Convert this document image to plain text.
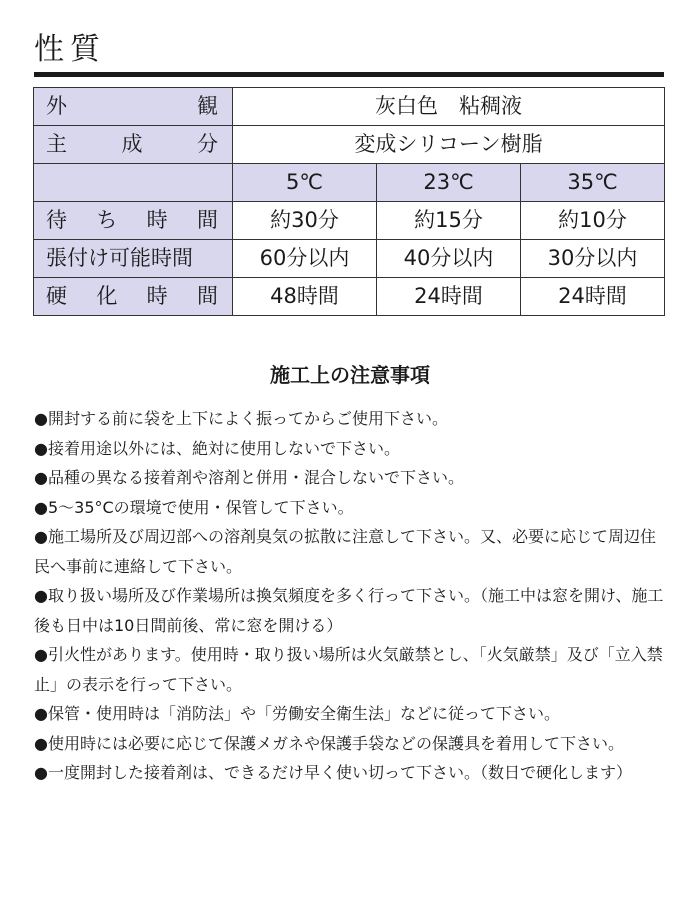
性質
外 観	灰白色　粘稠液		

主 成 分	変成シリコーン樹脂		
	5℃	23℃	35℃

待 ち 時 間	約30分	約15分	約10分

張付け可能時間	60分以内	40分以内	30分以内

硬 化 時 間	48時間	24時間	24時間
施工上の注意事項
●開封する前に袋を上下によく振ってからご使用下さい。
●接着用途以外には、絶対に使用しないで下さい。
●品種の異なる接着剤や溶剤と併用・混合しないで下さい。
●5～35°Cの環境で使用・保管して下さい。
●施工場所及び周辺部への溶剤臭気の拡散に注意して下さい。又、必要に応じて周辺住民へ事前に連絡して下さい。
●取り扱い場所及び作業場所は換気頻度を多く行って下さい。（施工中は窓を開け、施工後も日中は10日間前後、常に窓を開ける）
●引火性があります。使用時・取り扱い場所は火気厳禁とし、「火気厳禁」及び「立入禁止」の表示を行って下さい。
●保管・使用時は「消防法」や「労働安全衛生法」などに従って下さい。
●使用時には必要に応じて保護メガネや保護手袋などの保護具を着用して下さい。
●一度開封した接着剤は、できるだけ早く使い切って下さい。（数日で硬化します）
